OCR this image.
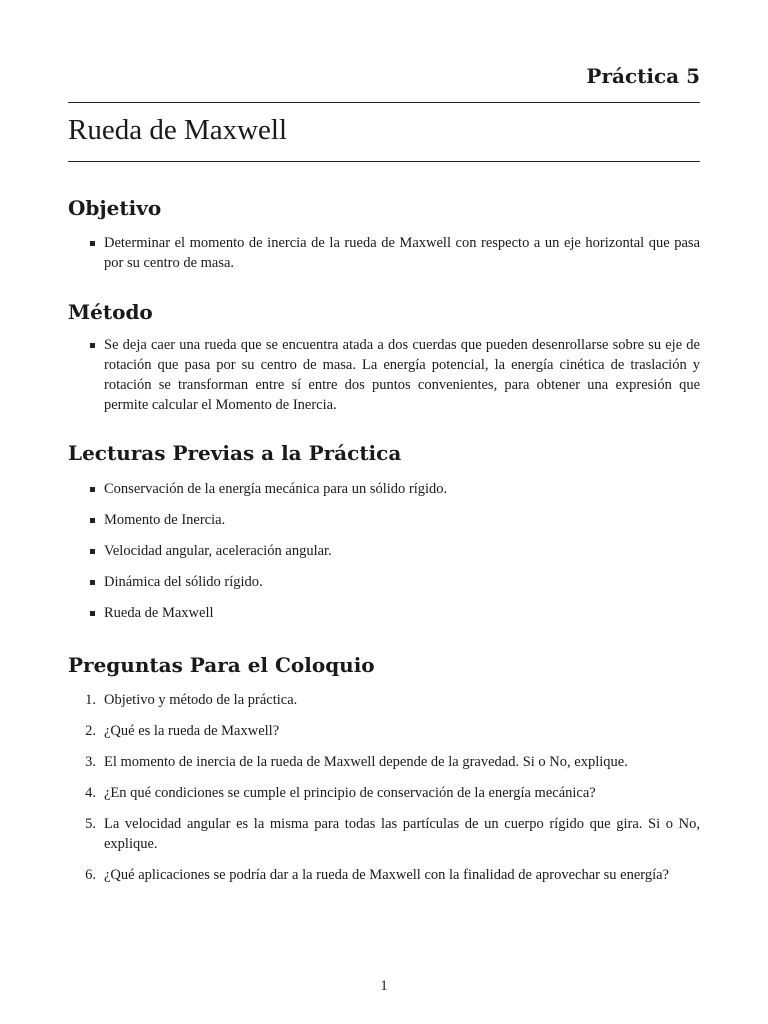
Práctica 5
Rueda de Maxwell
Objetivo
Determinar el momento de inercia de la rueda de Maxwell con respecto a un eje horizontal que pasa por su centro de masa.
Método
Se deja caer una rueda que se encuentra atada a dos cuerdas que pueden desenrollarse sobre su eje de rotación que pasa por su centro de masa. La energía potencial, la energía cinética de traslación y rotación se transforman entre sí entre dos puntos convenientes, para obtener una expresión que permite calcular el Momento de Inercia.
Lecturas Previas a la Práctica
Conservación de la energía mecánica para un sólido rígido.
Momento de Inercia.
Velocidad angular, aceleración angular.
Dinámica del sólido rígido.
Rueda de Maxwell
Preguntas Para el Coloquio
1. Objetivo y método de la práctica.
2. ¿Qué es la rueda de Maxwell?
3. El momento de inercia de la rueda de Maxwell depende de la gravedad. Si o No, explique.
4. ¿En qué condiciones se cumple el principio de conservación de la energía mecánica?
5. La velocidad angular es la misma para todas las partículas de un cuerpo rígido que gira. Si o No, explique.
6. ¿Qué aplicaciones se podría dar a la rueda de Maxwell con la finalidad de aprovechar su energía?
1
